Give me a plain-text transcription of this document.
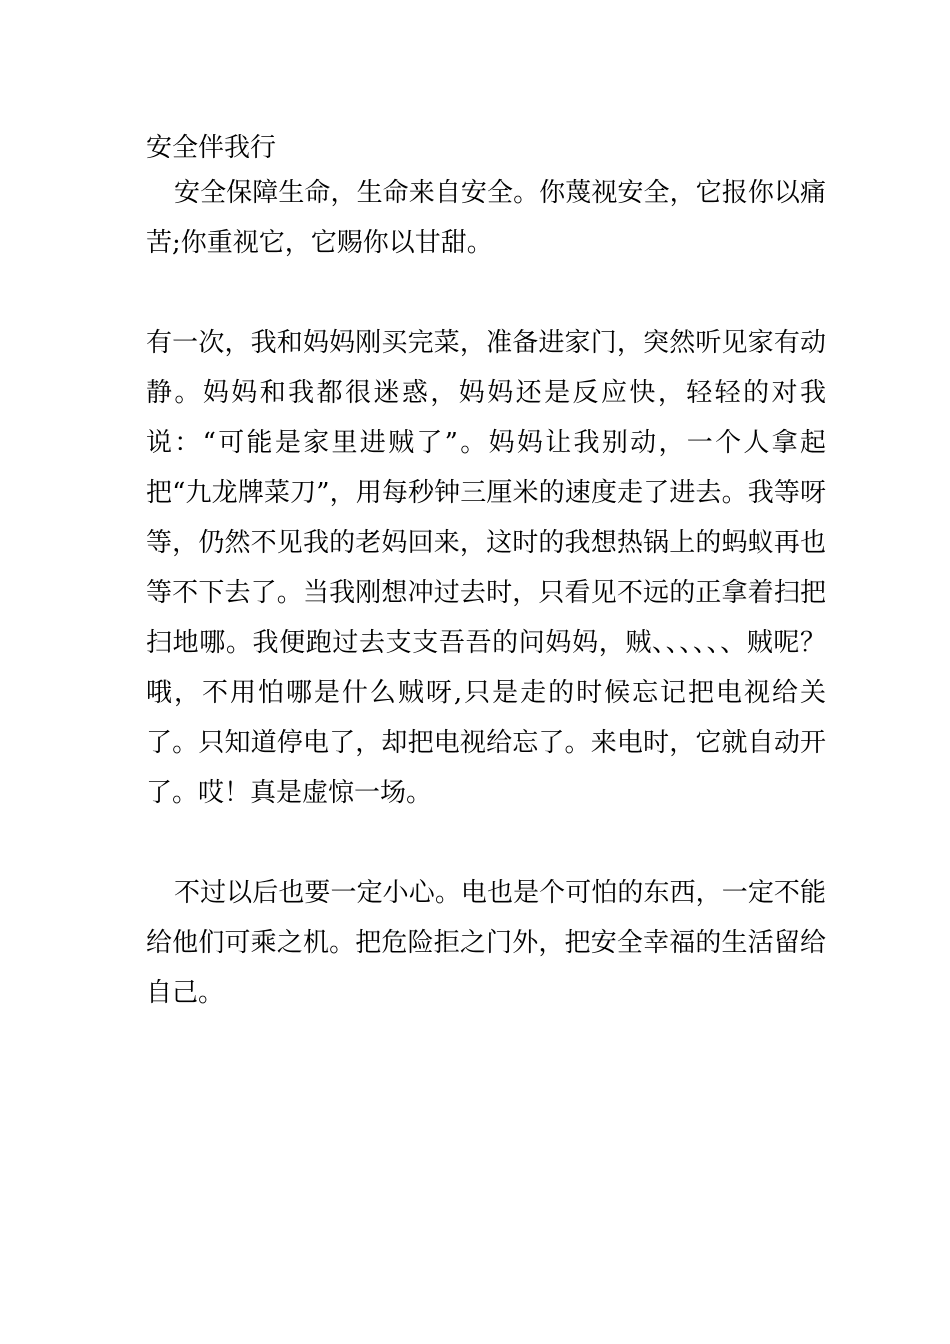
安全伴我行

安全保障生命，生命来自安全。你蔑视安全，它报你以痛苦;你重视它，它赐你以甘甜。

有一次，我和妈妈刚买完菜，准备进家门，突然听见家有动静。妈妈和我都很迷惑，妈妈还是反应快，轻轻的对我说：“可能是家里进贼了”。妈妈让我别动，一个人拿起把“九龙牌菜刀”，用每秒钟三厘米的速度走了进去。我等呀等，仍然不见我的老妈回来，这时的我想热锅上的蚂蚁再也等不下去了。当我刚想冲过去时，只看见不远的正拿着扫把扫地哪。我便跑过去支支吾吾的问妈妈，贼、、、、、、贼呢？哦，不用怕哪是什么贼呀,只是走的时候忘记把电视给关了。只知道停电了，却把电视给忘了。来电时，它就自动开了。哎！真是虚惊一场。

不过以后也要一定小心。电也是个可怕的东西，一定不能给他们可乘之机。把危险拒之门外，把安全幸福的生活留给自己。
